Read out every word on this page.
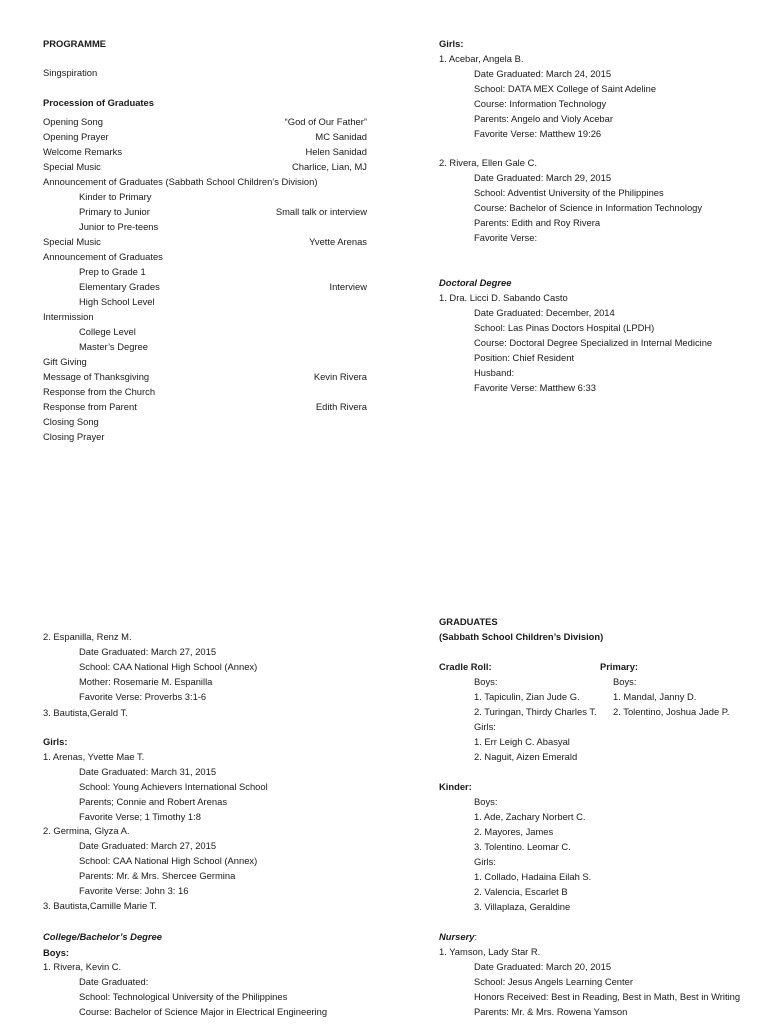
PROGRAMME
Singspiration
Procession of Graduates
Opening Song	“God of Our Father”
Opening Prayer	MC Sanidad
Welcome Remarks	Helen Sanidad
Special Music	Charlice, Lian, MJ
Announcement of Graduates (Sabbath School Children’s Division)
Kinder to Primary
Primary to Junior	Small talk or interview
Junior to Pre-teens
Special Music	Yvette Arenas
Announcement of Graduates
Prep to Grade 1
Elementary Grades	Interview
High School Level
Intermission
College Level
Master’s Degree
Gift Giving
Message of Thanksgiving	Kevin Rivera
Response from the Church
Response from Parent	Edith Rivera
Closing Song
Closing Prayer
Girls:
1. Acebar, Angela B.
Date Graduated: March 24, 2015
School: DATA MEX College of Saint Adeline
Course: Information Technology
Parents: Angelo and Violy Acebar
Favorite Verse: Matthew 19:26
2. Rivera, Ellen Gale C.
Date Graduated: March 29, 2015
School: Adventist University of the Philippines
Course: Bachelor of Science in Information Technology
Parents: Edith and Roy Rivera
Favorite Verse:
Doctoral Degree
1. Dra. Licci D. Sabando Casto
Date Graduated: December, 2014
School: Las Pinas Doctors Hospital (LPDH)
Course: Doctoral Degree Specialized in Internal Medicine
Position: Chief Resident
Husband:
Favorite Verse: Matthew 6:33
2. Espanilla, Renz M.
Date Graduated: March 27, 2015
School: CAA National High School (Annex)
Mother: Rosemarie M. Espanilla
Favorite Verse: Proverbs 3:1-6
3. Bautista,Gerald T.
Girls:
1. Arenas, Yvette Mae T.
Date Graduated: March 31, 2015
School: Young Achievers International School
Parents; Connie and Robert Arenas
Favorite Verse; 1 Timothy 1:8
2. Germina, Glyza A.
Date Graduated: March 27, 2015
School: CAA National High School (Annex)
Parents: Mr. & Mrs. Shercee Germina
Favorite Verse: John 3: 16
3. Bautista,Camille Marie T.
College/Bachelor’s Degree
Boys:
1. Rivera, Kevin C.
Date Graduated:
School: Technological University of the Philippines
Course: Bachelor of Science Major in Electrical Engineering
GRADUATES
(Sabbath School Children’s Division)
Cradle Roll:
Boys:
1. Tapiculin, Zian Jude G.
2. Turingan, Thirdy Charles T.
Girls:
1. Err Leigh C. Abasyal
2. Naguit, Aizen Emerald
Primary:
Boys:
1. Mandal, Janny D.
2. Tolentino, Joshua Jade P.
Kinder:
Boys:
1. Ade, Zachary Norbert C.
2. Mayores, James
3. Tolentino. Leomar C.
Girls:
1. Collado, Hadaina Eilah S.
2. Valencia, Escarlet B
3. Villaplaza, Geraldine
Nursery:
1. Yamson, Lady Star R.
Date Graduated: March 20, 2015
School: Jesus Angels Learning Center
Honors Received: Best in Reading, Best in Math, Best in Writing
Parents: Mr. & Mrs. Rowena Yamson
